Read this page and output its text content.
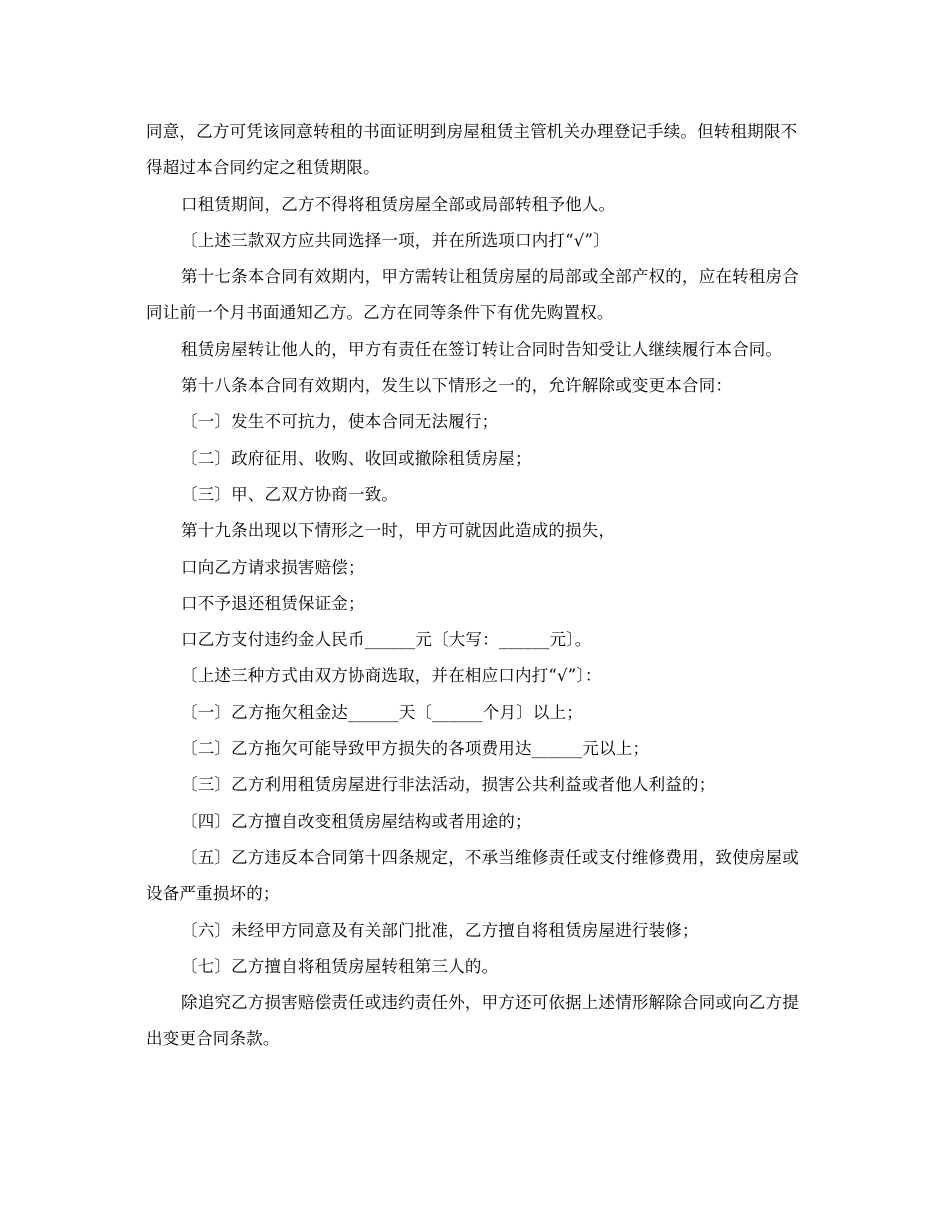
同意，乙方可凭该同意转租的书面证明到房屋租赁主管机关办理登记手续。但转租期限不得超过本合同约定之租赁期限。

口租赁期间，乙方不得将租赁房屋全部或局部转租予他人。

〔上述三款双方应共同选择一项，并在所选项口内打“√”〕

第十七条本合同有效期内，甲方需转让租赁房屋的局部或全部产权的，应在转租房合同让前一个月书面通知乙方。乙方在同等条件下有优先购置权。

租赁房屋转让他人的，甲方有责任在签订转让合同时告知受让人继续履行本合同。

第十八条本合同有效期内，发生以下情形之一的，允许解除或变更本合同：

〔一〕发生不可抗力，使本合同无法履行；

〔二〕政府征用、收购、收回或撤除租赁房屋；

〔三〕甲、乙双方协商一致。

第十九条出现以下情形之一时，甲方可就因此造成的损失，

口向乙方请求损害赔偿；

口不予退还租赁保证金；

口乙方支付违约金人民币______元〔大写：______元〕。

〔上述三种方式由双方协商选取，并在相应口内打“√”〕：

〔一〕乙方拖欠租金达______天〔______个月〕以上；

〔二〕乙方拖欠可能导致甲方损失的各项费用达______元以上；

〔三〕乙方利用租赁房屋进行非法活动，损害公共利益或者他人利益的；

〔四〕乙方擅自改变租赁房屋结构或者用途的；

〔五〕乙方违反本合同第十四条规定，不承当维修责任或支付维修费用，致使房屋或设备严重损坏的；

〔六〕未经甲方同意及有关部门批准，乙方擅自将租赁房屋进行装修；

〔七〕乙方擅自将租赁房屋转租第三人的。

除追究乙方损害赔偿责任或违约责任外，甲方还可依据上述情形解除合同或向乙方提出变更合同条款。
